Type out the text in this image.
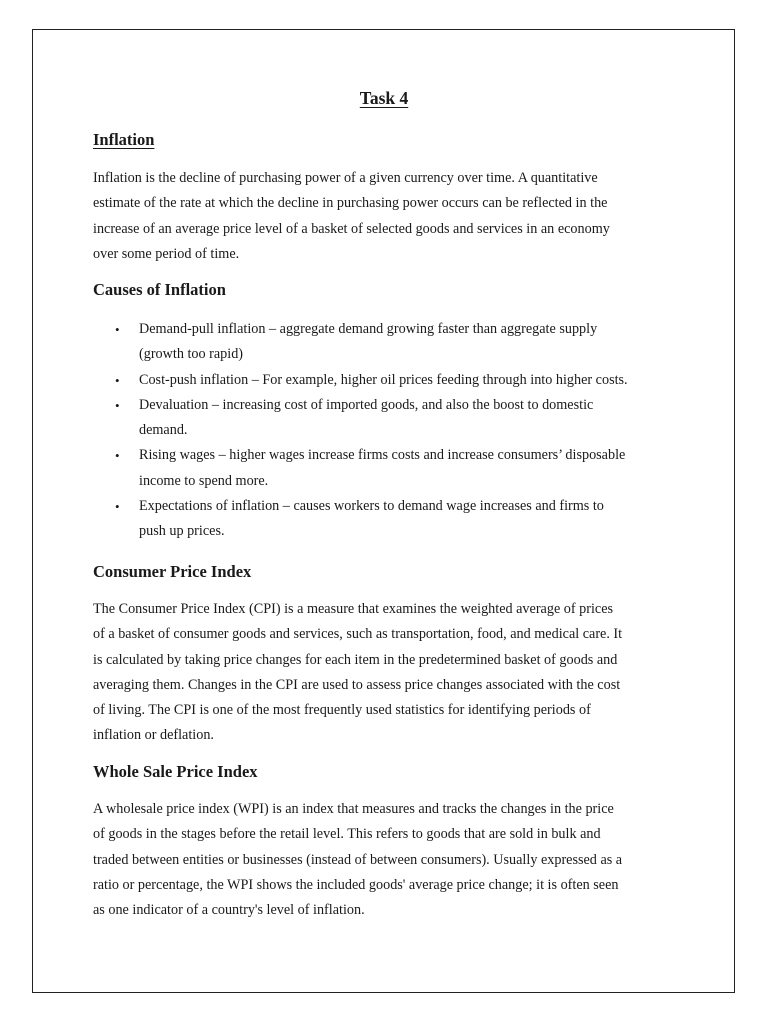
Task 4
Inflation

Inflation is the decline of purchasing power of a given currency over time. A quantitative
estimate of the rate at which the decline in purchasing power occurs can be reflected in the
increase of an average price level of a basket of selected goods and services in an economy
over some period of time.

Causes of Inflation
• Demand-pull inflation – aggregate demand growing faster than aggregate supply
(growth too rapid)
• Cost-push inflation – For example, higher oil prices feeding through into higher costs.
• Devaluation – increasing cost of imported goods, and also the boost to domestic
demand.
• Rising wages – higher wages increase firms costs and increase consumers’ disposable
income to spend more.
• Expectations of inflation – causes workers to demand wage increases and firms to
push up prices.
Consumer Price Index

The Consumer Price Index (CPI) is a measure that examines the weighted average of prices
of a basket of consumer goods and services, such as transportation, food, and medical care. It
is calculated by taking price changes for each item in the predetermined basket of goods and
averaging them. Changes in the CPI are used to assess price changes associated with the cost
of living. The CPI is one of the most frequently used statistics for identifying periods of
inflation or deflation.

Whole Sale Price Index

A wholesale price index (WPI) is an index that measures and tracks the changes in the price
of goods in the stages before the retail level. This refers to goods that are sold in bulk and
traded between entities or businesses (instead of between consumers). Usually expressed as a
ratio or percentage, the WPI shows the included goods' average price change; it is often seen
as one indicator of a country's level of inflation.
